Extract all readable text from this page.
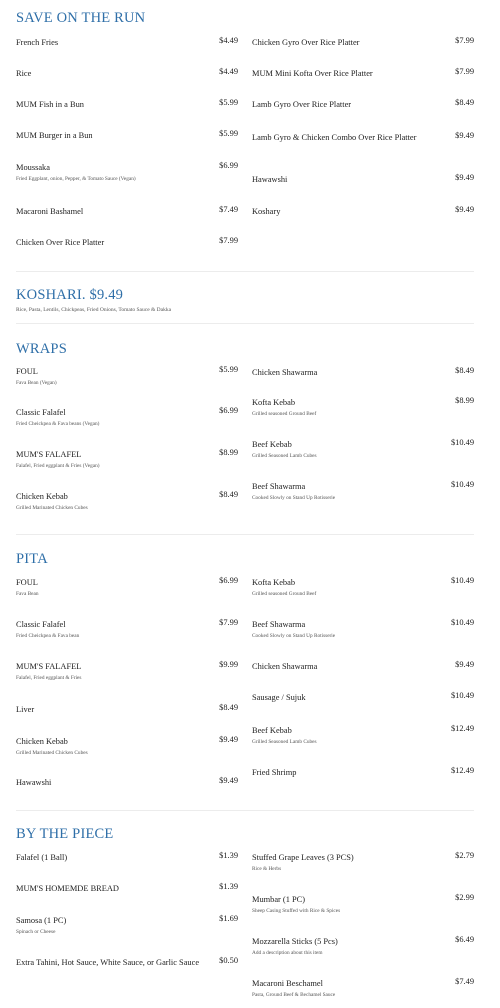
SAVE ON THE RUN
French Fries	$4.49
Rice	$4.49
MUM Fish in a Bun	$5.99
MUM Burger in a Bun	$5.99
Moussaka	$6.99
Fried Eggplant, onion, Pepper, & Tomato Sauce (Vegan)
Macaroni Bashamel	$7.49
Chicken Over Rice Platter	$7.99
Chicken Gyro Over Rice Platter	$7.99
MUM Mini Kofta Over Rice Platter	$7.99
Lamb Gyro Over Rice Platter	$8.49
Lamb Gyro & Chicken Combo Over Rice Platter	$9.49
Hawawshi	$9.49
Koshary	$9.49
KOSHARI. $9.49
Rice, Pasta, Lentils, Chickpeas, Fried Onions, Tomato Sauce & Dakka
WRAPS
FOUL	$5.99
Fava Bean (Vegan)
Classic Falafel	$6.99
Fried Cheickpea & Fava beans (Vegan)
MUM'S FALAFEL	$8.99
Falafel, Fried eggplant & Fries (Vegan)
Chicken Kebab	$8.49
Grilled Marinated Chicken Cubes
Chicken Shawarma	$8.49
Kofta Kebab	$8.99
Grilled seasoned Ground Beef
Beef Kebab	$10.49
Grilled Seasoned Lamb Cubes
Beef Shawarma	$10.49
Cooked Slowly on Stand Up Rotisserie
PITA
FOUL	$6.99
Fava Bean
Classic Falafel	$7.99
Fried Cheickpea & Fava bean
MUM'S FALAFEL	$9.99
Falafel, Fried eggplant & Fries
Liver	$8.49
Chicken Kebab	$9.49
Grilled Marinated Chicken Cubes
Hawawshi	$9.49
Kofta Kebab	$10.49
Grilled seasoned Ground Beef
Beef Shawarma	$10.49
Cooked Slowly on Stand Up Rotisserie
Chicken Shawarma	$9.49
Sausage / Sujuk	$10.49
Beef Kebab	$12.49
Grilled Seasoned Lamb Cubes
Fried Shrimp	$12.49
BY THE PIECE
Falafel (1 Ball)	$1.39
MUM'S HOMEMDE BREAD	$1.39
Samosa (1 PC)	$1.69
Spinach or Cheese
Extra Tahini, Hot Sauce, White Sauce, or Garlic Sauce	$0.50
Stuffed Grape Leaves (3 PCS)	$2.79
Rice & Herbs
Mumbar (1 PC)	$2.99
Sheep Casing Stuffed with Rice & Spices
Mozzarella Sticks (5 Pcs)	$6.49
Add a description about this item
Macaroni Beschamel	$7.49
Pasta, Ground Beef & Bechamel Sauce
